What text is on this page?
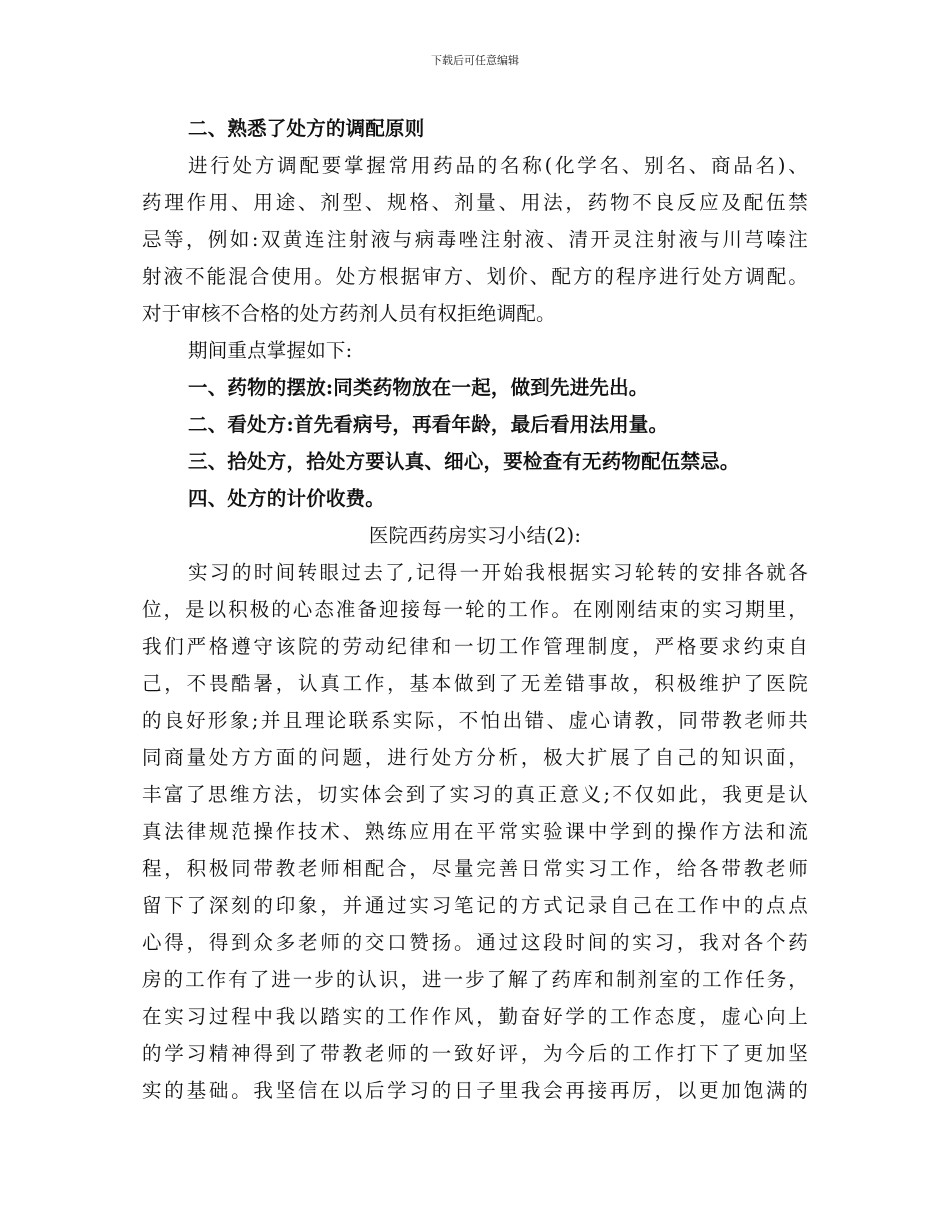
下载后可任意编辑
二、熟悉了处方的调配原则
进行处方调配要掌握常用药品的名称(化学名、别名、商品名)、
药理作用、用途、剂型、规格、剂量、用法，药物不良反应及配伍禁
忌等，例如:双黄连注射液与病毒唑注射液、清开灵注射液与川芎嗪注
射液不能混合使用。处方根据审方、划价、配方的程序进行处方调配。
对于审核不合格的处方药剂人员有权拒绝调配。
期间重点掌握如下:
一、药物的摆放:同类药物放在一起，做到先进先出。
二、看处方:首先看病号，再看年龄，最后看用法用量。
三、拾处方，拾处方要认真、细心，要检查有无药物配伍禁忌。
四、处方的计价收费。
医院西药房实习小结(2):
实习的时间转眼过去了,记得一开始我根据实习轮转的安排各就各
位，是以积极的心态准备迎接每一轮的工作。在刚刚结束的实习期里，
我们严格遵守该院的劳动纪律和一切工作管理制度，严格要求约束自
己，不畏酷暑，认真工作，基本做到了无差错事故，积极维护了医院
的良好形象;并且理论联系实际，不怕出错、虚心请教，同带教老师共
同商量处方方面的问题，进行处方分析，极大扩展了自己的知识面，
丰富了思维方法，切实体会到了实习的真正意义;不仅如此，我更是认
真法律规范操作技术、熟练应用在平常实验课中学到的操作方法和流
程，积极同带教老师相配合，尽量完善日常实习工作，给各带教老师
留下了深刻的印象，并通过实习笔记的方式记录自己在工作中的点点
心得，得到众多老师的交口赞扬。通过这段时间的实习，我对各个药
房的工作有了进一步的认识，进一步了解了药库和制剂室的工作任务，
在实习过程中我以踏实的工作作风，勤奋好学的工作态度，虚心向上
的学习精神得到了带教老师的一致好评，为今后的工作打下了更加坚
实的基础。我坚信在以后学习的日子里我会再接再厉，以更加饱满的
